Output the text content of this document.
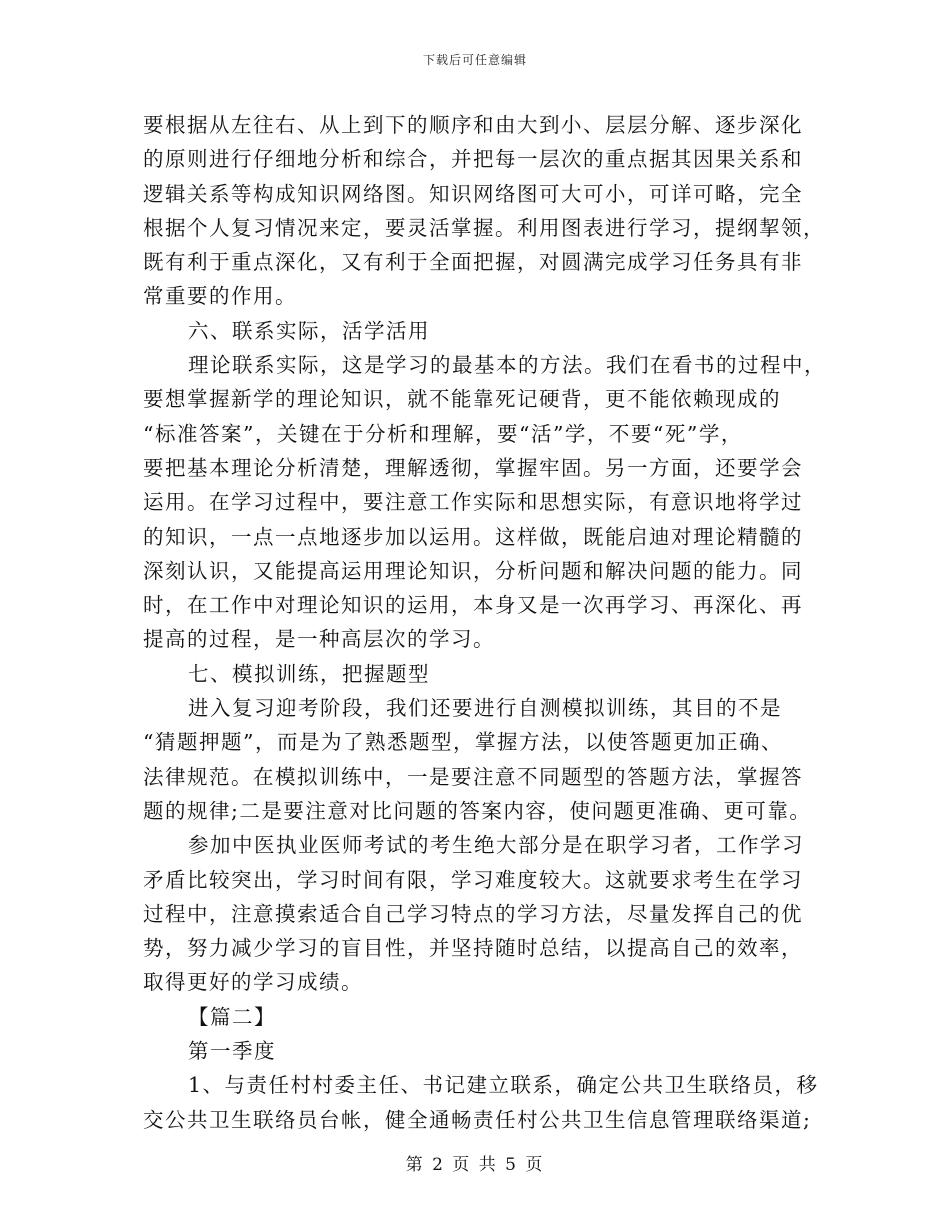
下载后可任意编辑
要根据从左往右、从上到下的顺序和由大到小、层层分解、逐步深化
的原则进行仔细地分析和综合，并把每一层次的重点据其因果关系和
逻辑关系等构成知识网络图。知识网络图可大可小，可详可略，完全
根据个人复习情况来定，要灵活掌握。利用图表进行学习，提纲挈领，
既有利于重点深化，又有利于全面把握，对圆满完成学习任务具有非
常重要的作用。
六、联系实际，活学活用
理论联系实际，这是学习的最基本的方法。我们在看书的过程中，
要想掌握新学的理论知识，就不能靠死记硬背，更不能依赖现成的
“标准答案”，关键在于分析和理解，要“活”学，不要“死”学，
要把基本理论分析清楚，理解透彻，掌握牢固。另一方面，还要学会
运用。在学习过程中，要注意工作实际和思想实际，有意识地将学过
的知识，一点一点地逐步加以运用。这样做，既能启迪对理论精髓的
深刻认识，又能提高运用理论知识，分析问题和解决问题的能力。同
时，在工作中对理论知识的运用，本身又是一次再学习、再深化、再
提高的过程，是一种高层次的学习。
七、模拟训练，把握题型
进入复习迎考阶段，我们还要进行自测模拟训练，其目的不是
“猜题押题”，而是为了熟悉题型，掌握方法，以使答题更加正确、
法律规范。在模拟训练中，一是要注意不同题型的答题方法，掌握答
题的规律;二是要注意对比问题的答案内容，使问题更准确、更可靠。
参加中医执业医师考试的考生绝大部分是在职学习者，工作学习
矛盾比较突出，学习时间有限，学习难度较大。这就要求考生在学习
过程中，注意摸索适合自己学习特点的学习方法，尽量发挥自己的优
势，努力减少学习的盲目性，并坚持随时总结，以提高自己的效率，
取得更好的学习成绩。
【篇二】
第一季度
1、与责任村村委主任、书记建立联系，确定公共卫生联络员，移
交公共卫生联络员台帐，健全通畅责任村公共卫生信息管理联络渠道;
第 2 页 共 5 页
